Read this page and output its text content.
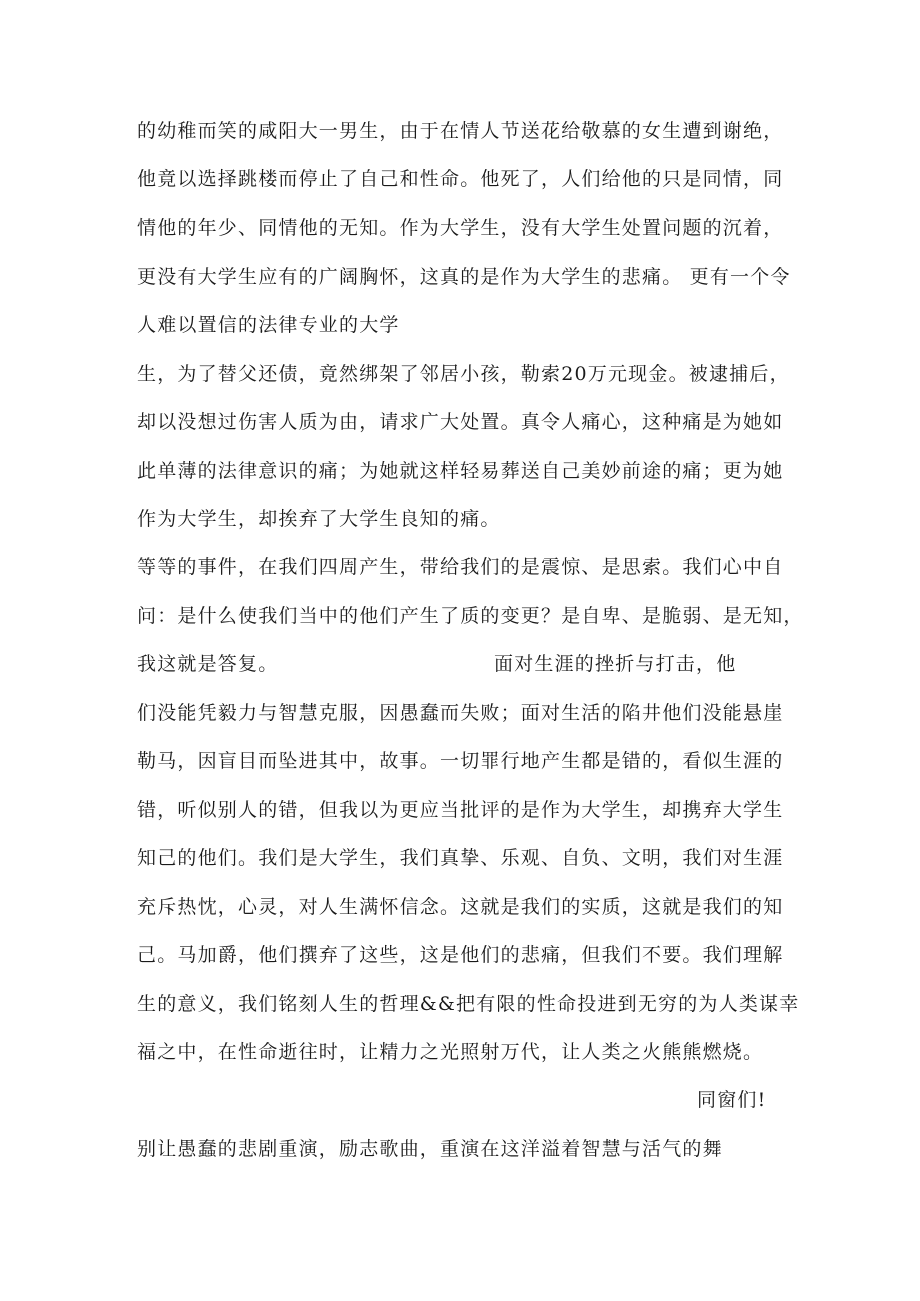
的幼稚而笑的咸阳大一男生，由于在情人节送花给敬慕的女生遭到谢绝，
他竟以选择跳楼而停止了自己和性命。他死了，人们给他的只是同情，同
情他的年少、同情他的无知。作为大学生，没有大学生处置问题的沉着，
更没有大学生应有的广阔胸怀，这真的是作为大学生的悲痛。 更有一个令
人难以置信的法律专业的大学
生，为了替父还债，竟然绑架了邻居小孩，勒索20万元现金。被逮捕后，
却以没想过伤害人质为由，请求广大处置。真令人痛心，这种痛是为她如
此单薄的法律意识的痛；为她就这样轻易葬送自己美妙前途的痛；更为她
作为大学生，却挨弃了大学生良知的痛。
等等的事件，在我们四周产生，带给我们的是震惊、是思索。我们心中自
问：是什么使我们当中的他们产生了质的变更？是自卑、是脆弱、是无知，
我这就是答复。	面对生涯的挫折与打击，他
们没能凭毅力与智慧克服，因愚蠢而失败；面对生活的陷井他们没能悬崖
勒马，因盲目而坠进其中，故事。一切罪行地产生都是错的，看似生涯的
错，听似别人的错，但我以为更应当批评的是作为大学生，却携弃大学生
知己的他们。我们是大学生，我们真挚、乐观、自负、文明，我们对生涯
充斥热忱，心灵，对人生满怀信念。这就是我们的实质，这就是我们的知
己。马加爵，他们撰弃了这些，这是他们的悲痛，但我们不要。我们理解
生的意义，我们铭刻人生的哲理&&把有限的性命投进到无穷的为人类谋幸
福之中，在性命逝往时，让精力之光照射万代，让人类之火熊熊燃烧。
同窗们!
别让愚蠢的悲剧重演，励志歌曲，重演在这洋溢着智慧与活气的舞
